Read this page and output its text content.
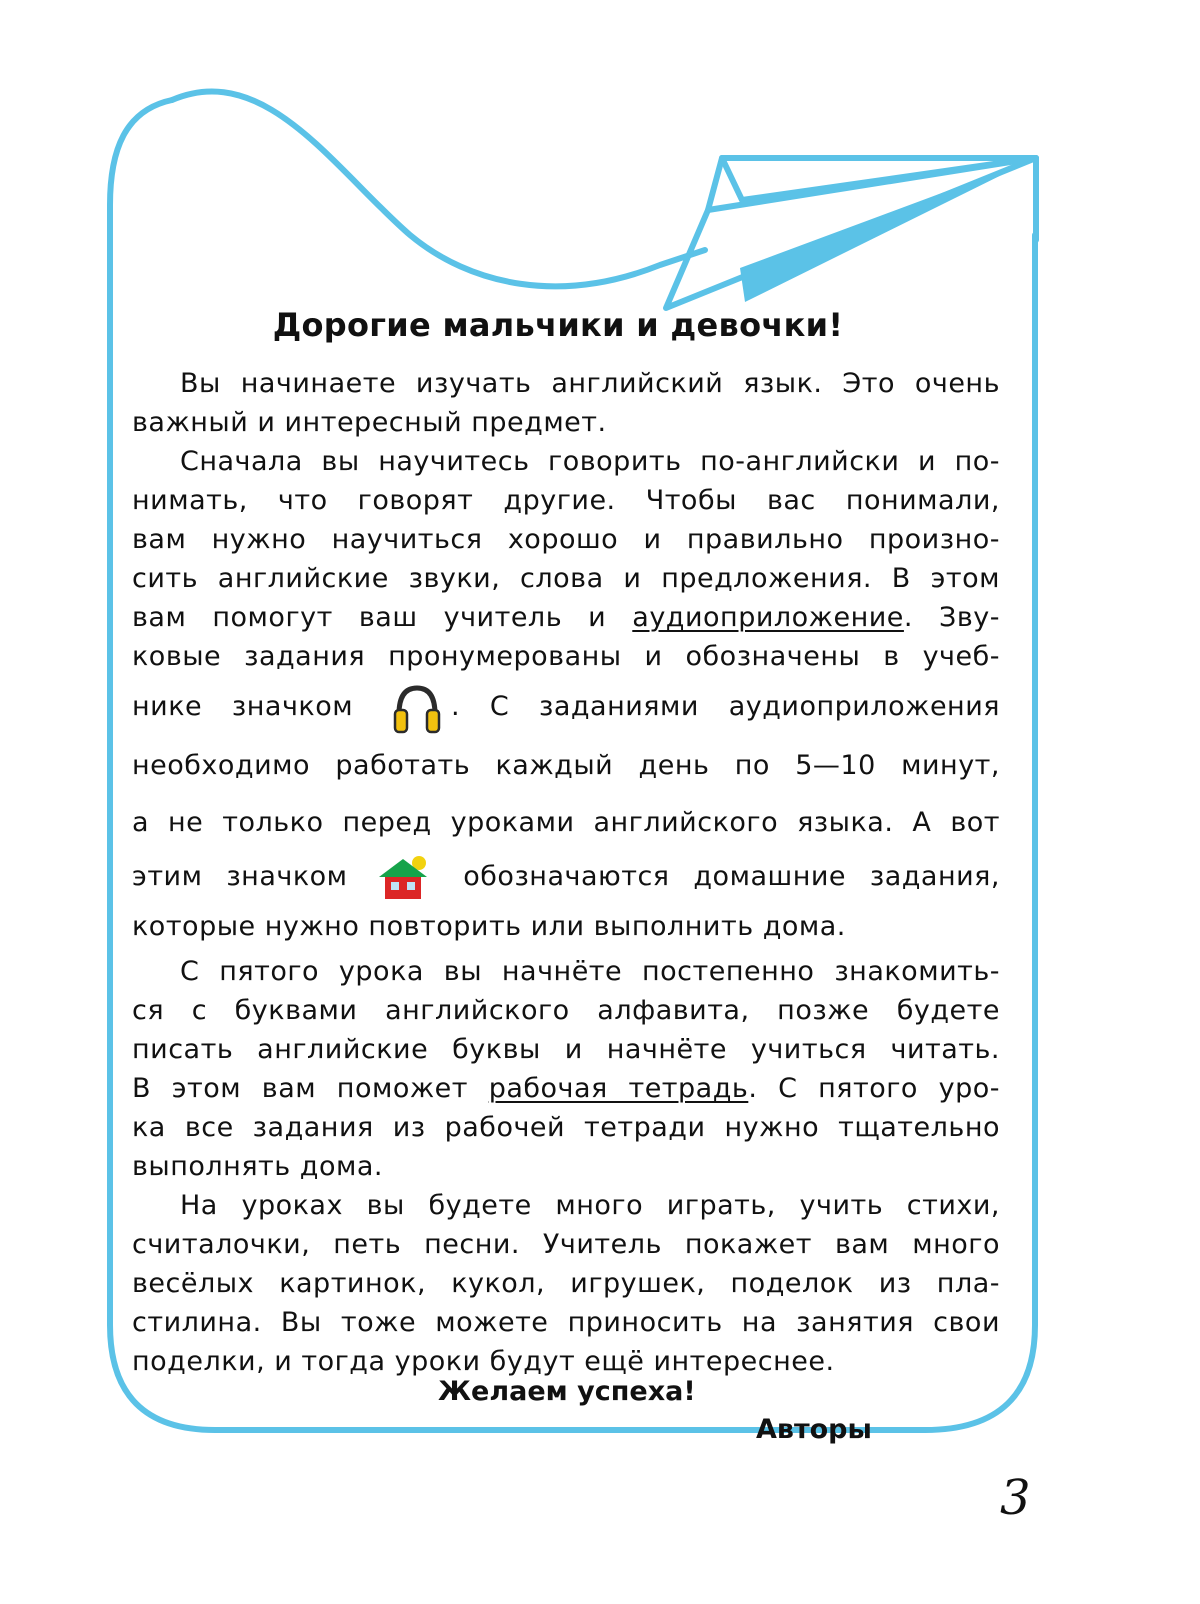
Дорогие мальчики и девочки!

Вы начинаете изучать английский язык. Это очень
важный и интересный предмет.

Сначала вы научитесь говорить по-английски и по-
нимать, что говорят другие. Чтобы вас понимали,
вам нужно научиться хорошо и правильно произно-
сить английские звуки, слова и предложения. В этом
вам помогут ваш учитель и аудиоприложение. Зву-
ковые задания пронумерованы и обозначены в учеб-
нике значком	. С заданиями аудиоприложения
необходимо работать каждый день по 5—10 минут,
а не только перед уроками английского языка. А вот
этим значком	обозначаются домашние задания,
которые нужно повторить или выполнить дома.

С пятого урока вы начнёте постепенно знакомить-
ся с буквами английского алфавита, позже будете
писать английские буквы и начнёте учиться читать.
В этом вам поможет рабочая тетрадь. С пятого уро-
ка все задания из рабочей тетради нужно тщательно
выполнять дома.

На уроках вы будете много играть, учить стихи,
считалочки, петь песни. Учитель покажет вам много
весёлых картинок, кукол, игрушек, поделок из пла-
стилина. Вы тоже можете приносить на занятия свои
поделки, и тогда уроки будут ещё интереснее.

Желаем успеха!

Авторы

3
